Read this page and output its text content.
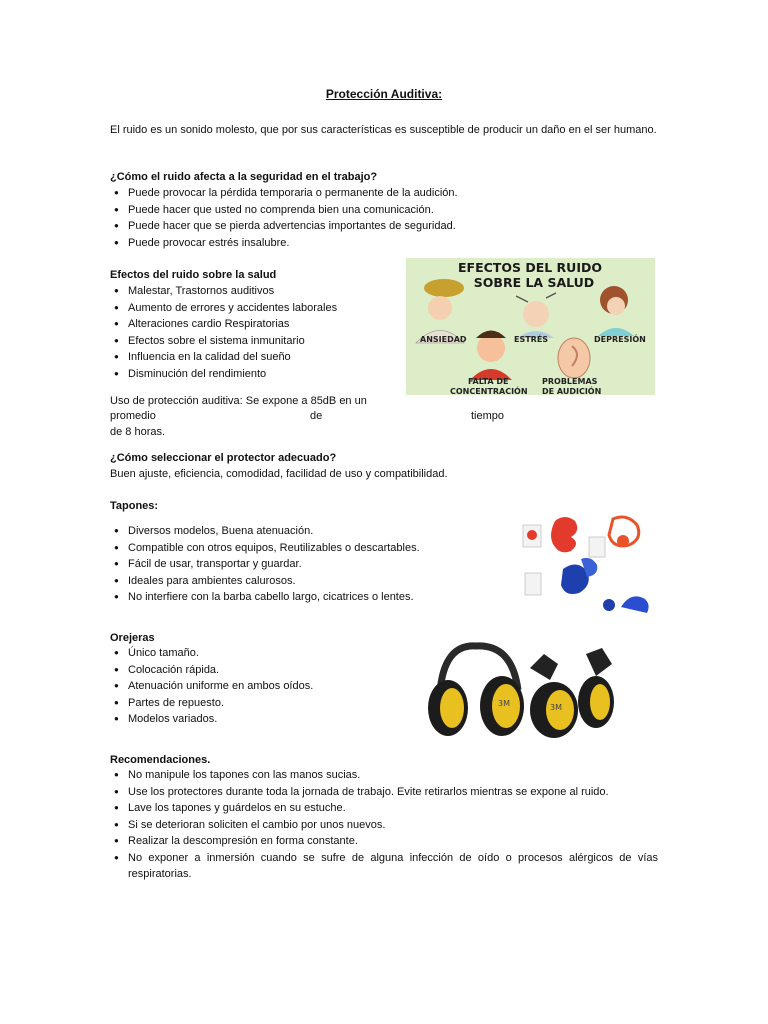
Protección Auditiva:

El ruido es un sonido molesto, que por sus características es susceptible de producir un daño en el ser humano.

¿Cómo el ruido afecta a la seguridad en el trabajo?
● Puede provocar la pérdida temporaria o permanente de la audición.
● Puede hacer que usted no comprenda bien una comunicación.
● Puede hacer que se pierda advertencias importantes de seguridad.
● Puede provocar estrés insalubre.
Efectos del ruido sobre la salud
● Malestar, Trastornos auditivos
● Aumento de errores y accidentes laborales
● Alteraciones cardio Respiratorias
● Efectos sobre el sistema inmunitario
● Influencia en la calidad del sueño
● Disminución del rendimiento
EFECTOS DEL RUIDO
SOBRE LA SALUD
ANSIEDAD	ESTRÉS	DEPRESIÓN
FALTA DE
CONCENTRACIÓN
PROBLEMAS
DE AUDICIÓN
Uso de protección auditiva: Se expone a 85dB en un
promedio	de	tiempo
de 8 horas.
¿Cómo seleccionar el protector adecuado?
Buen ajuste, eficiencia, comodidad, facilidad de uso y compatibilidad.
Tapones:
● Diversos modelos, Buena atenuación.
● Compatible con otros equipos, Reutilizables o descartables.
● Fácil de usar, transportar y guardar.
● Ideales para ambientes calurosos.
● No interfiere con la barba cabello largo, cicatrices o lentes.
Orejeras
● Único tamaño.
● Colocación rápida.
● Atenuación uniforme en ambos oídos.
● Partes de repuesto.
● Modelos variados.
3M	3M
Recomendaciones.
● No manipule los tapones con las manos sucias.
● Use los protectores durante toda la jornada de trabajo. Evite retirarlos mientras se expone al ruido.
● Lave los tapones y guárdelos en su estuche.
● Si se deterioran soliciten el cambio por unos nuevos.
● Realizar la descompresión en forma constante.
● No exponer a inmersión cuando se sufre de alguna infección de oído o procesos alérgicos de vías respiratorias.
